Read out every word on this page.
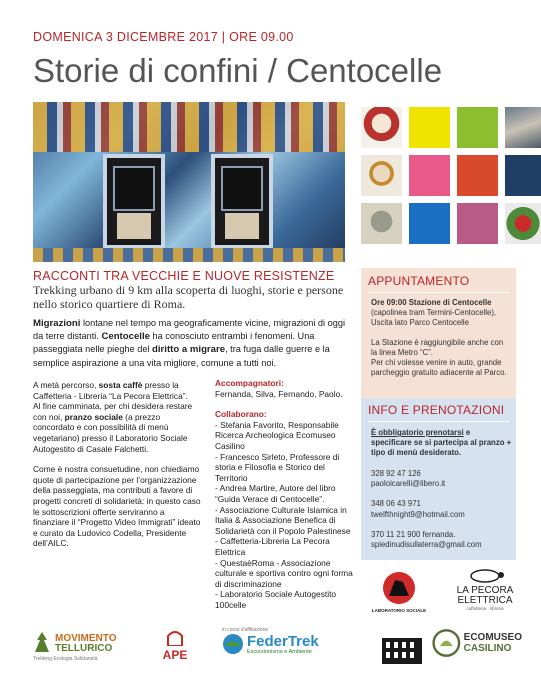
DOMENICA 3 DICEMBRE 2017 | ORE 09.00
Storie di confini / Centocelle
RACCONTI TRA VECCHIE E NUOVE RESISTENZE
Trekking urbano di 9 km alla scoperta di luoghi, storie e persone nello storico quartiere di Roma.
Migrazioni lontane nel tempo ma geograficamente vicine, migrazioni di oggi da terre distanti. Centocelle ha conosciuto entrambi i fenomeni. Una passeggiata nelle pieghe del diritto a migrare, tra fuga dalle guerre e la semplice aspirazione a una vita migliore, comune a tutti noi.

A metà percorso, sosta caffè presso la Caffetteria - Libreria “La Pecora Elettrica”.

Al fine camminata, per chi desidera restare con noi, pranzo sociale (a prezzo concordato e con possibilità di menù vegetariano) presso il Laboratorio Sociale Autogestito di Casale Falchetti.

Come è nostra consuetudine, non chiediamo quote di partecipazione per l’organizzazione della passeggiata, ma contributi a favore di progetti concreti di solidarietà: in questo caso le sottoscrizioni offerte serviranno a finanziare il “Progetto Video Immigrati” ideato e curato da Ludovico Codella, Presidente dell’AILC.

Accompagnatori:
Fernanda, Silva, Fernando, Paolo.
Collaborano:
- Stefania Favorito, Responsabile Ricerca Archeologica Ecomuseo Casilino
- Francesco Sirleto, Professore di storia e Filosofia e Storico del Territorio
- Andrea Martire, Autore del libro “Guida Verace di Centocelle”.
- Associazione Culturale Islamica in Italia & Associazione Benefica di Solidarietà con il Popolo Palestinese
- Caffetteria-Libreria La Pecora Elettrica
- QuestaèRoma - Associazione culturale e sportiva contro ogni forma di discriminazione
- Laboratorio Sociale Autogestito 100celle
APPUNTAMENTO
Ore 09:00 Stazione di Centocelle
(capolinea tram Termini-Centocelle), Uscita lato Parco Centocelle

La Stazione è raggiungibile anche con la linea Metro “C”.
Per chi volesse venire in auto, grande parcheggio gratuito adiacente al Parco.
INFO E PRENOTAZIONI
È obbligatorio prenotarsi e specificare se si partecipa al pranzo + tipo di menù desiderato.

328 92 47 126
paoloicarelli@libero.it

348 06 43 971
twelfthnight9@hotmail.com

370 11 21 900 fernanda.
spiedinudisullaterra@gmail.com
MOVIMENTO
TELLURICO
Trekking Ecologia Solidarietà	APE
in corso d'affiliazione
FederTrek
Escursionismo e Ambiente
LABORATORIO SOCIALE
LA PECORA
ELETTRICA
caffetteria · libreria
ECOMUSEO
CASILINO
